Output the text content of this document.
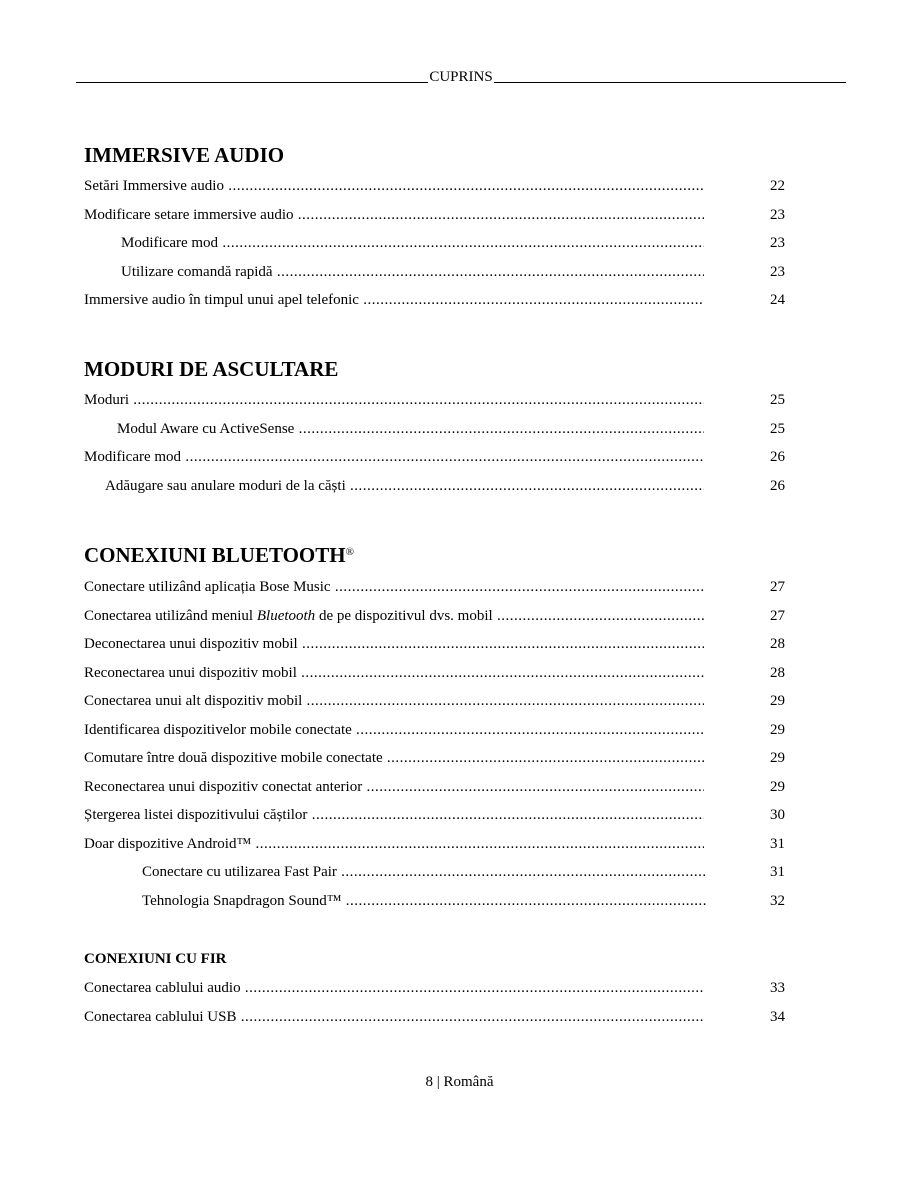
CUPRINS
IMMERSIVE AUDIO
Setări Immersive audio .....	22
Modificare setare immersive audio .....	23
Modificare mod .....	23
Utilizare comandă rapidă .....	23
Immersive audio în timpul unui apel telefonic .....	24
MODURI DE ASCULTARE
Moduri .....	25
Modul Aware cu ActiveSense .....	25
Modificare mod .....	26
Adăugare sau anulare moduri de la căști .....	26
CONEXIUNI BLUETOOTH®
Conectare utilizând aplicația Bose Music .....	27
Conectarea utilizând meniul Bluetooth de pe dispozitivul dvs. mobil .....	27
Deconectarea unui dispozitiv mobil .....	28
Reconectarea unui dispozitiv mobil .....	28
Conectarea unui alt dispozitiv mobil .....	29
Identificarea dispozitivelor mobile conectate .....	29
Comutare între două dispozitive mobile conectate .....	29
Reconectarea unui dispozitiv conectat anterior .....	29
Ștergerea listei dispozitivului căștilor .....	30
Doar dispozitive Android™ .....	31
Conectare cu utilizarea Fast Pair .....	31
Tehnologia Snapdragon Sound™ .....	32
CONEXIUNI CU FIR
Conectarea cablului audio .....	33
Conectarea cablului USB .....	34
8 | Română
